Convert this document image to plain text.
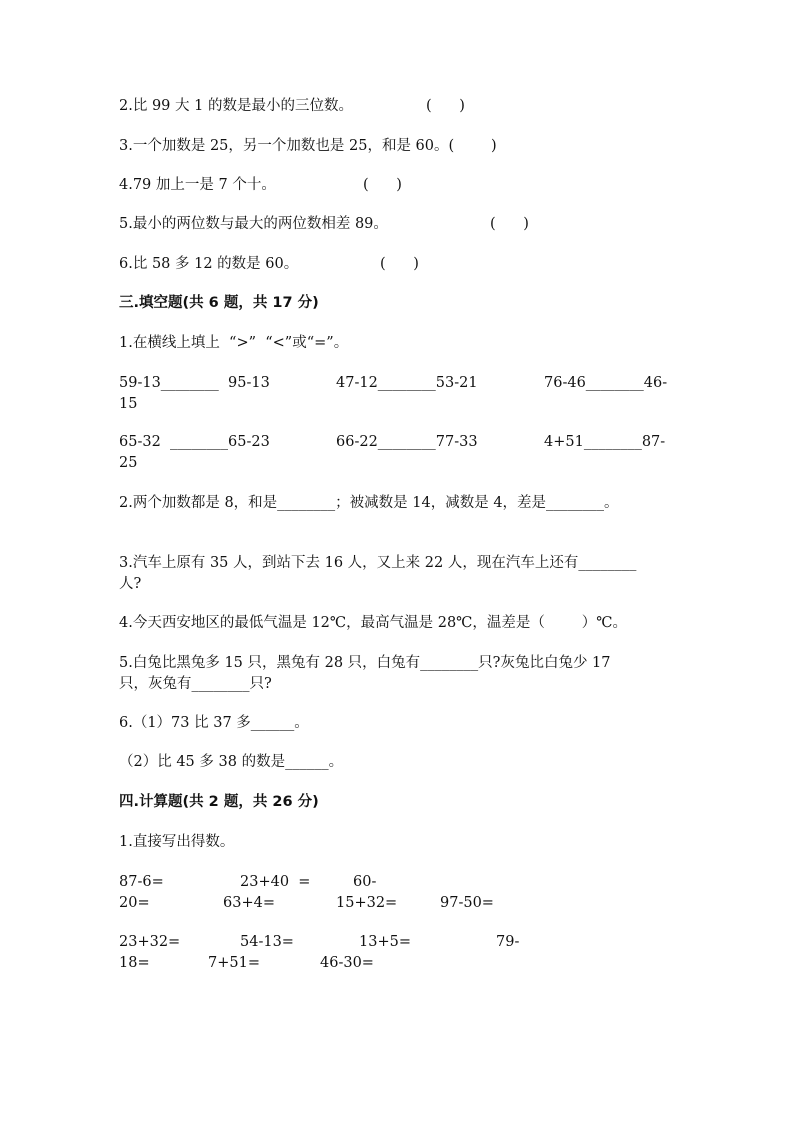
2.比 99 大 1 的数是最小的三位数。	(      )
3.一个加数是 25，另一个加数也是 25，和是 60。(        )
4.79 加上一是 7 个十。	(      )
5.最小的两位数与最大的两位数相差 89。	(      )
6.比 58 多 12 的数是 60。	(      )
三.填空题(共 6 题，共 17 分)
1.在横线上填上  “>”  “<”或“=”。
59-13________  95-13	47-12________53-21	76-46________46-
15
65-32  ________65-23	66-22________77-33	4+51________87-
25
2.两个加数都是 8，和是________；被减数是 14，减数是 4，差是________。
3.汽车上原有 35 人，到站下去 16 人，又上来 22 人，现在汽车上还有________
人?
4.今天西安地区的最低气温是 12℃，最高气温是 28℃，温差是（        ）℃。
5.白兔比黑兔多 15 只，黑兔有 28 只，白兔有________只?灰兔比白兔少 17
只，灰兔有________只?
6.（1）73 比 37 多______。
（2）比 45 多 38 的数是______。
四.计算题(共 2 题，共 26 分)
1.直接写出得数。
87-6=	23+40  =	60-
20=	63+4=	15+32=	97-50=
23+32=	54-13=	13+5=	79-
18=	7+51=	46-30=
